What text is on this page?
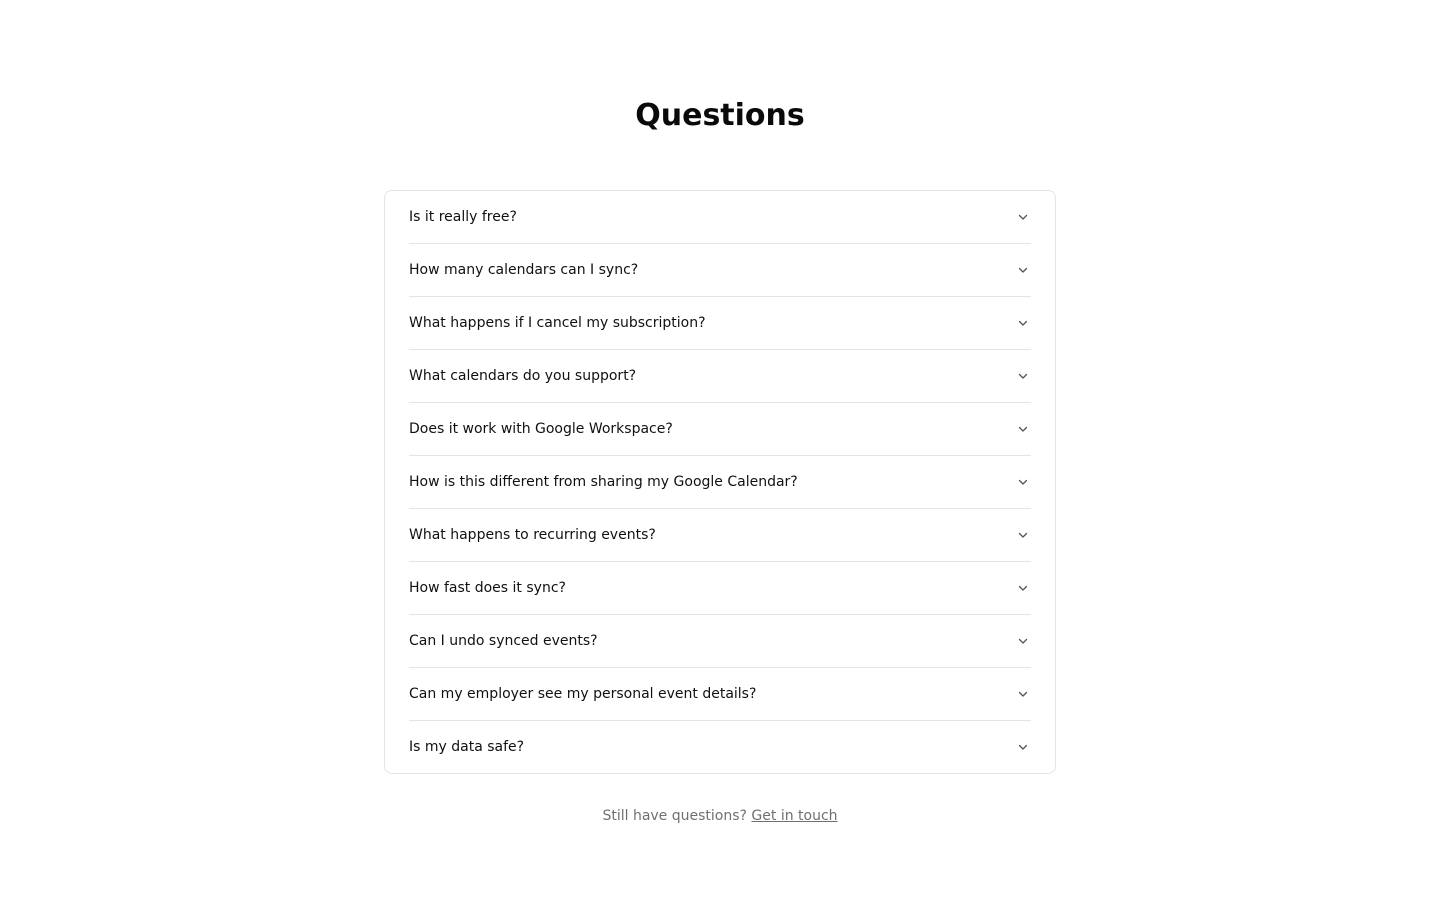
Questions
Is it really free?
How many calendars can I sync?
What happens if I cancel my subscription?
What calendars do you support?
Does it work with Google Workspace?
How is this different from sharing my Google Calendar?
What happens to recurring events?
How fast does it sync?
Can I undo synced events?
Can my employer see my personal event details?
Is my data safe?
Still have questions? Get in touch
